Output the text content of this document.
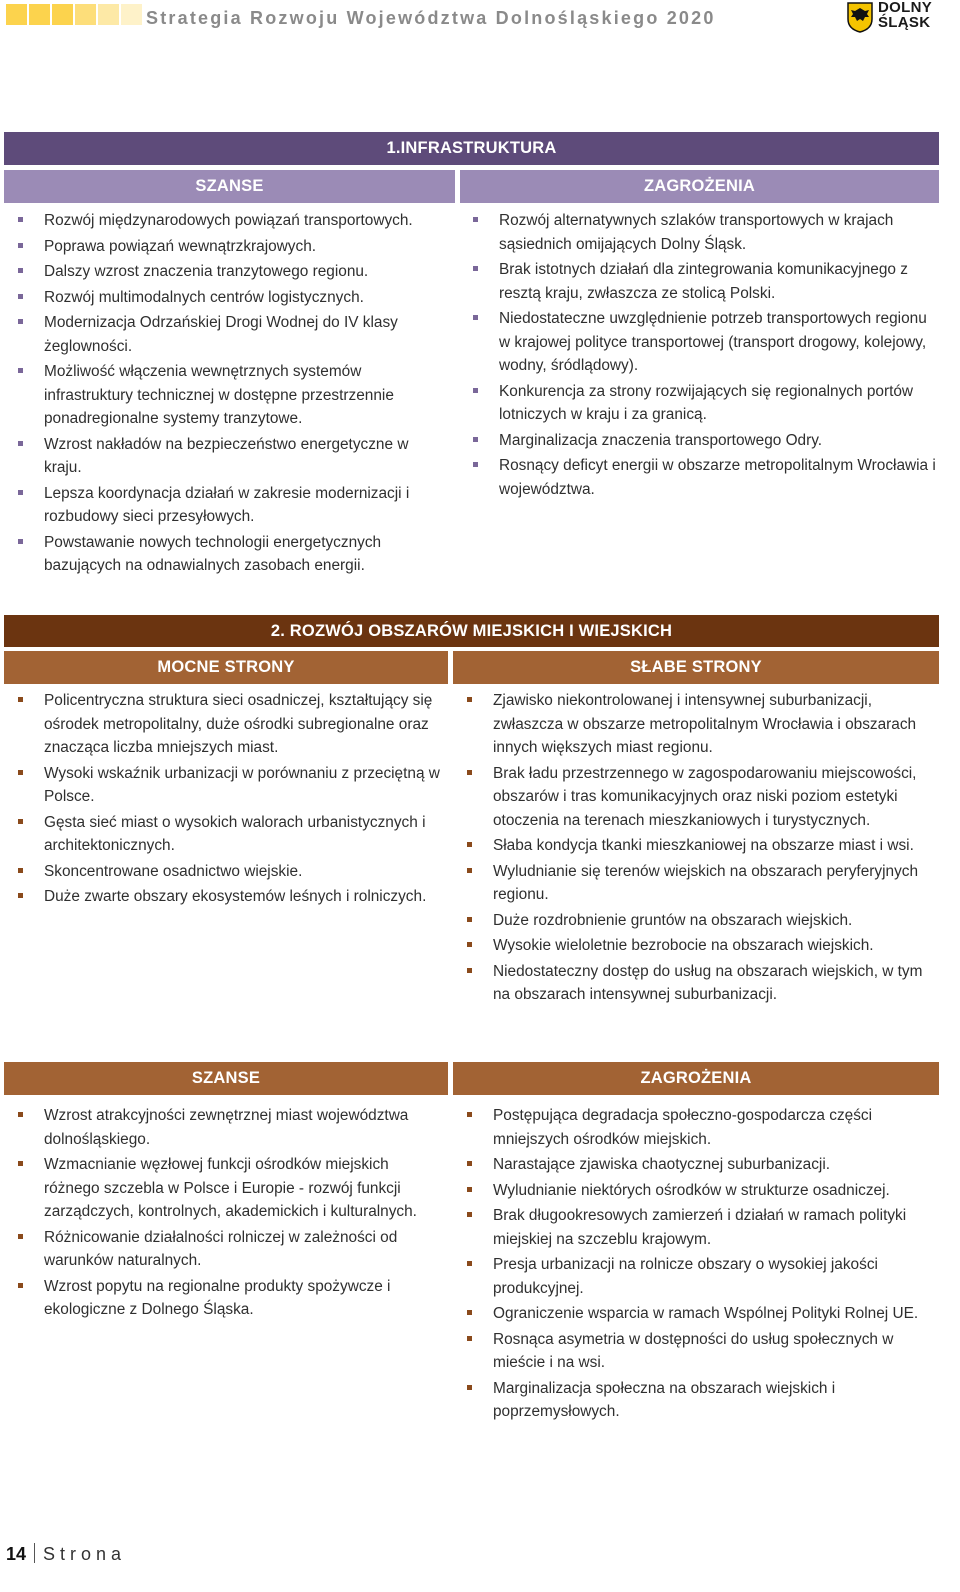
Strategia Rozwoju Województwa Dolnośląskiego 2020
DOLNY
ŚLĄSK
1.INFRASTRUKTURA
SZANSE	ZAGROŻENIA
Rozwój międzynarodowych powiązań transportowych.
Poprawa powiązań wewnątrzkrajowych.
Dalszy wzrost znaczenia tranzytowego regionu.
Rozwój multimodalnych centrów logistycznych.
Modernizacja Odrzańskiej Drogi Wodnej do IV klasy żeglowności.
Możliwość włączenia wewnętrznych systemów infrastruktury technicznej w dostępne przestrzennie ponadregionalne systemy tranzytowe.
Wzrost nakładów na bezpieczeństwo energetyczne w kraju.
Lepsza koordynacja działań w zakresie modernizacji i rozbudowy sieci przesyłowych.
Powstawanie nowych technologii energetycznych bazujących na odnawialnych zasobach energii.
Rozwój alternatywnych szlaków transportowych w krajach sąsiednich omijających Dolny Śląsk.
Brak istotnych działań dla zintegrowania komunikacyjnego z resztą kraju, zwłaszcza ze stolicą Polski.
Niedostateczne uwzględnienie potrzeb transportowych regionu w krajowej polityce transportowej (transport drogowy, kolejowy, wodny, śródlądowy).
Konkurencja za strony rozwijających się regionalnych portów lotniczych w kraju i za granicą.
Marginalizacja znaczenia transportowego Odry.
Rosnący deficyt energii w obszarze metropolitalnym Wrocławia i województwa.
2. ROZWÓJ OBSZARÓW MIEJSKICH I WIEJSKICH
MOCNE STRONY	SŁABE STRONY
Policentryczna struktura sieci osadniczej, kształtujący się ośrodek metropolitalny, duże ośrodki subregionalne oraz znacząca liczba mniejszych miast.
Wysoki wskaźnik urbanizacji w porównaniu z przeciętną w Polsce.
Gęsta sieć miast o wysokich walorach urbanistycznych i architektonicznych.
Skoncentrowane osadnictwo wiejskie.
Duże zwarte obszary ekosystemów leśnych i rolniczych.
Zjawisko niekontrolowanej i intensywnej suburbanizacji, zwłaszcza w obszarze metropolitalnym Wrocławia i obszarach innych większych miast regionu.
Brak ładu przestrzennego w zagospodarowaniu miejscowości, obszarów i tras komunikacyjnych oraz niski poziom estetyki otoczenia na terenach mieszkaniowych i turystycznych.
Słaba kondycja tkanki mieszkaniowej na obszarze miast i wsi.
Wyludnianie się terenów wiejskich na obszarach peryferyjnych regionu.
Duże rozdrobnienie gruntów na obszarach wiejskich.
Wysokie wieloletnie bezrobocie na obszarach wiejskich.
Niedostateczny dostęp do usług na obszarach wiejskich, w tym na obszarach intensywnej suburbanizacji.
SZANSE	ZAGROŻENIA
Wzrost atrakcyjności zewnętrznej miast województwa dolnośląskiego.
Wzmacnianie węzłowej funkcji ośrodków miejskich różnego szczebla w Polsce i Europie - rozwój funkcji zarządczych, kontrolnych, akademickich i kulturalnych.
Różnicowanie działalności rolniczej w zależności od warunków naturalnych.
Wzrost popytu na regionalne produkty spożywcze i ekologiczne z Dolnego Śląska.
Postępująca degradacja społeczno-gospodarcza części mniejszych ośrodków miejskich.
Narastające zjawiska chaotycznej suburbanizacji.
Wyludnianie niektórych ośrodków w strukturze osadniczej.
Brak długookresowych zamierzeń i działań w ramach polityki miejskiej na szczeblu krajowym.
Presja urbanizacji na rolnicze obszary o wysokiej jakości produkcyjnej.
Ograniczenie wsparcia w ramach Wspólnej Polityki Rolnej UE.
Rosnąca asymetria w dostępności do usług społecznych w mieście i na wsi.
Marginalizacja społeczna na obszarach wiejskich i poprzemysłowych.
14 Strona
